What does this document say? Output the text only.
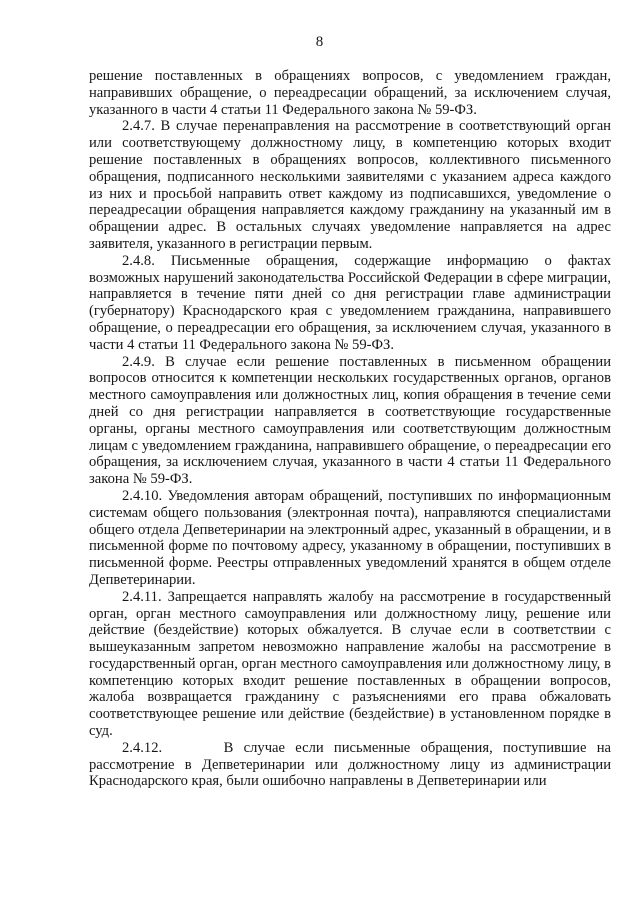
8

решение поставленных в обращениях вопросов, с уведомлением граждан, направивших обращение, о переадресации обращений, за исключением случая, указанного в части 4 статьи 11 Федерального закона № 59-ФЗ.

2.4.7. В случае перенаправления на рассмотрение в соответствующий орган или соответствующему должностному лицу, в компетенцию которых входит решение поставленных в обращениях вопросов, коллективного письменного обращения, подписанного несколькими заявителями с указанием адреса каждого из них и просьбой направить ответ каждому из подписавшихся, уведомление о переадресации обращения направляется каждому гражданину на указанный им в обращении адрес. В остальных случаях уведомление направляется на адрес заявителя, указанного в регистрации первым.

2.4.8. Письменные обращения, содержащие информацию о фактах возможных нарушений законодательства Российской Федерации в сфере миграции, направляется в течение пяти дней со дня регистрации главе администрации (губернатору) Краснодарского края с уведомлением гражданина, направившего обращение, о переадресации его обращения, за исключением случая, указанного в части 4 статьи 11 Федерального закона № 59-ФЗ.

2.4.9. В случае если решение поставленных в письменном обращении вопросов относится к компетенции нескольких государственных органов, органов местного самоуправления или должностных лиц, копия обращения в течение семи дней со дня регистрации направляется в соответствующие государственные органы, органы местного самоуправления или соответствующим должностным лицам с уведомлением гражданина, направившего обращение, о переадресации его обращения, за исключением случая, указанного в части 4 статьи 11 Федерального закона № 59-ФЗ.

2.4.10. Уведомления авторам обращений, поступивших по информационным системам общего пользования (электронная почта), направляются специалистами общего отдела Депветеринарии на электронный адрес, указанный в обращении, и в письменной форме по почтовому адресу, указанному в обращении, поступивших в письменной форме. Реестры отправленных уведомлений хранятся в общем отделе Депветеринарии.

2.4.11. Запрещается направлять жалобу на рассмотрение в государственный орган, орган местного самоуправления или должностному лицу, решение или действие (бездействие) которых обжалуется. В случае если в соответствии с вышеуказанным запретом невозможно направление жалобы на рассмотрение в государственный орган, орган местного самоуправления или должностному лицу, в компетенцию которых входит решение поставленных в обращении вопросов, жалоба возвращается гражданину с разъяснениями его права обжаловать соответствующее решение или действие (бездействие) в установленном порядке в суд.

2.4.12.      В случае если письменные обращения, поступившие на рассмотрение в Депветеринарии или должностному лицу из администрации Краснодарского края, были ошибочно направлены в Депветеринарии или
